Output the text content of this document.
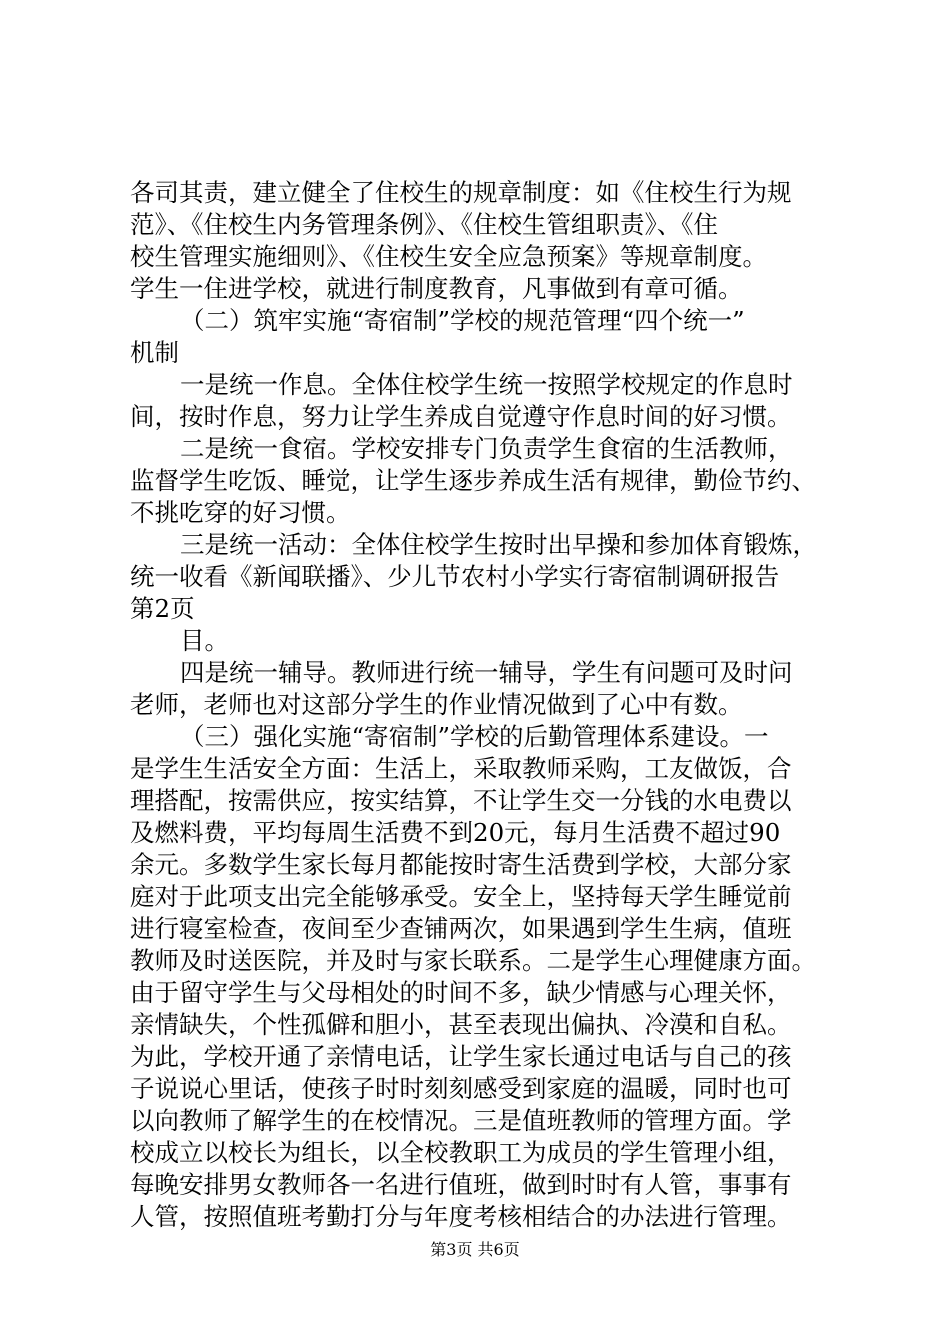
各司其责，建立健全了住校生的规章制度：如《住校生行为规
范》、《住校生内务管理条例》、《住校生管组职责》、《住
校生管理实施细则》、《住校生安全应急预案》等规章制度。
学生一住进学校，就进行制度教育，凡事做到有章可循。
（二）筑牢实施“寄宿制”学校的规范管理“四个统一”
机制
一是统一作息。全体住校学生统一按照学校规定的作息时
间，按时作息，努力让学生养成自觉遵守作息时间的好习惯。
二是统一食宿。学校安排专门负责学生食宿的生活教师，
监督学生吃饭、睡觉，让学生逐步养成生活有规律，勤俭节约、
不挑吃穿的好习惯。
三是统一活动：全体住校学生按时出早操和参加体育锻炼，
统一收看《新闻联播》、少儿节农村小学实行寄宿制调研报告
第2页
目。
四是统一辅导。教师进行统一辅导，学生有问题可及时问
老师，老师也对这部分学生的作业情况做到了心中有数。
（三）强化实施“寄宿制”学校的后勤管理体系建设。一
是学生生活安全方面：生活上，采取教师采购，工友做饭，合
理搭配，按需供应，按实结算，不让学生交一分钱的水电费以
及燃料费，平均每周生活费不到20元，每月生活费不超过90
余元。多数学生家长每月都能按时寄生活费到学校，大部分家
庭对于此项支出完全能够承受。安全上，坚持每天学生睡觉前
进行寝室检查，夜间至少查铺两次，如果遇到学生生病，值班
教师及时送医院，并及时与家长联系。二是学生心理健康方面。
由于留守学生与父母相处的时间不多，缺少情感与心理关怀，
亲情缺失，个性孤僻和胆小，甚至表现出偏执、冷漠和自私。
为此，学校开通了亲情电话，让学生家长通过电话与自己的孩
子说说心里话，使孩子时时刻刻感受到家庭的温暖，同时也可
以向教师了解学生的在校情况。三是值班教师的管理方面。学
校成立以校长为组长，以全校教职工为成员的学生管理小组，
每晚安排男女教师各一名进行值班，做到时时有人管，事事有
人管，按照值班考勤打分与年度考核相结合的办法进行管理。
第3页 共6页
